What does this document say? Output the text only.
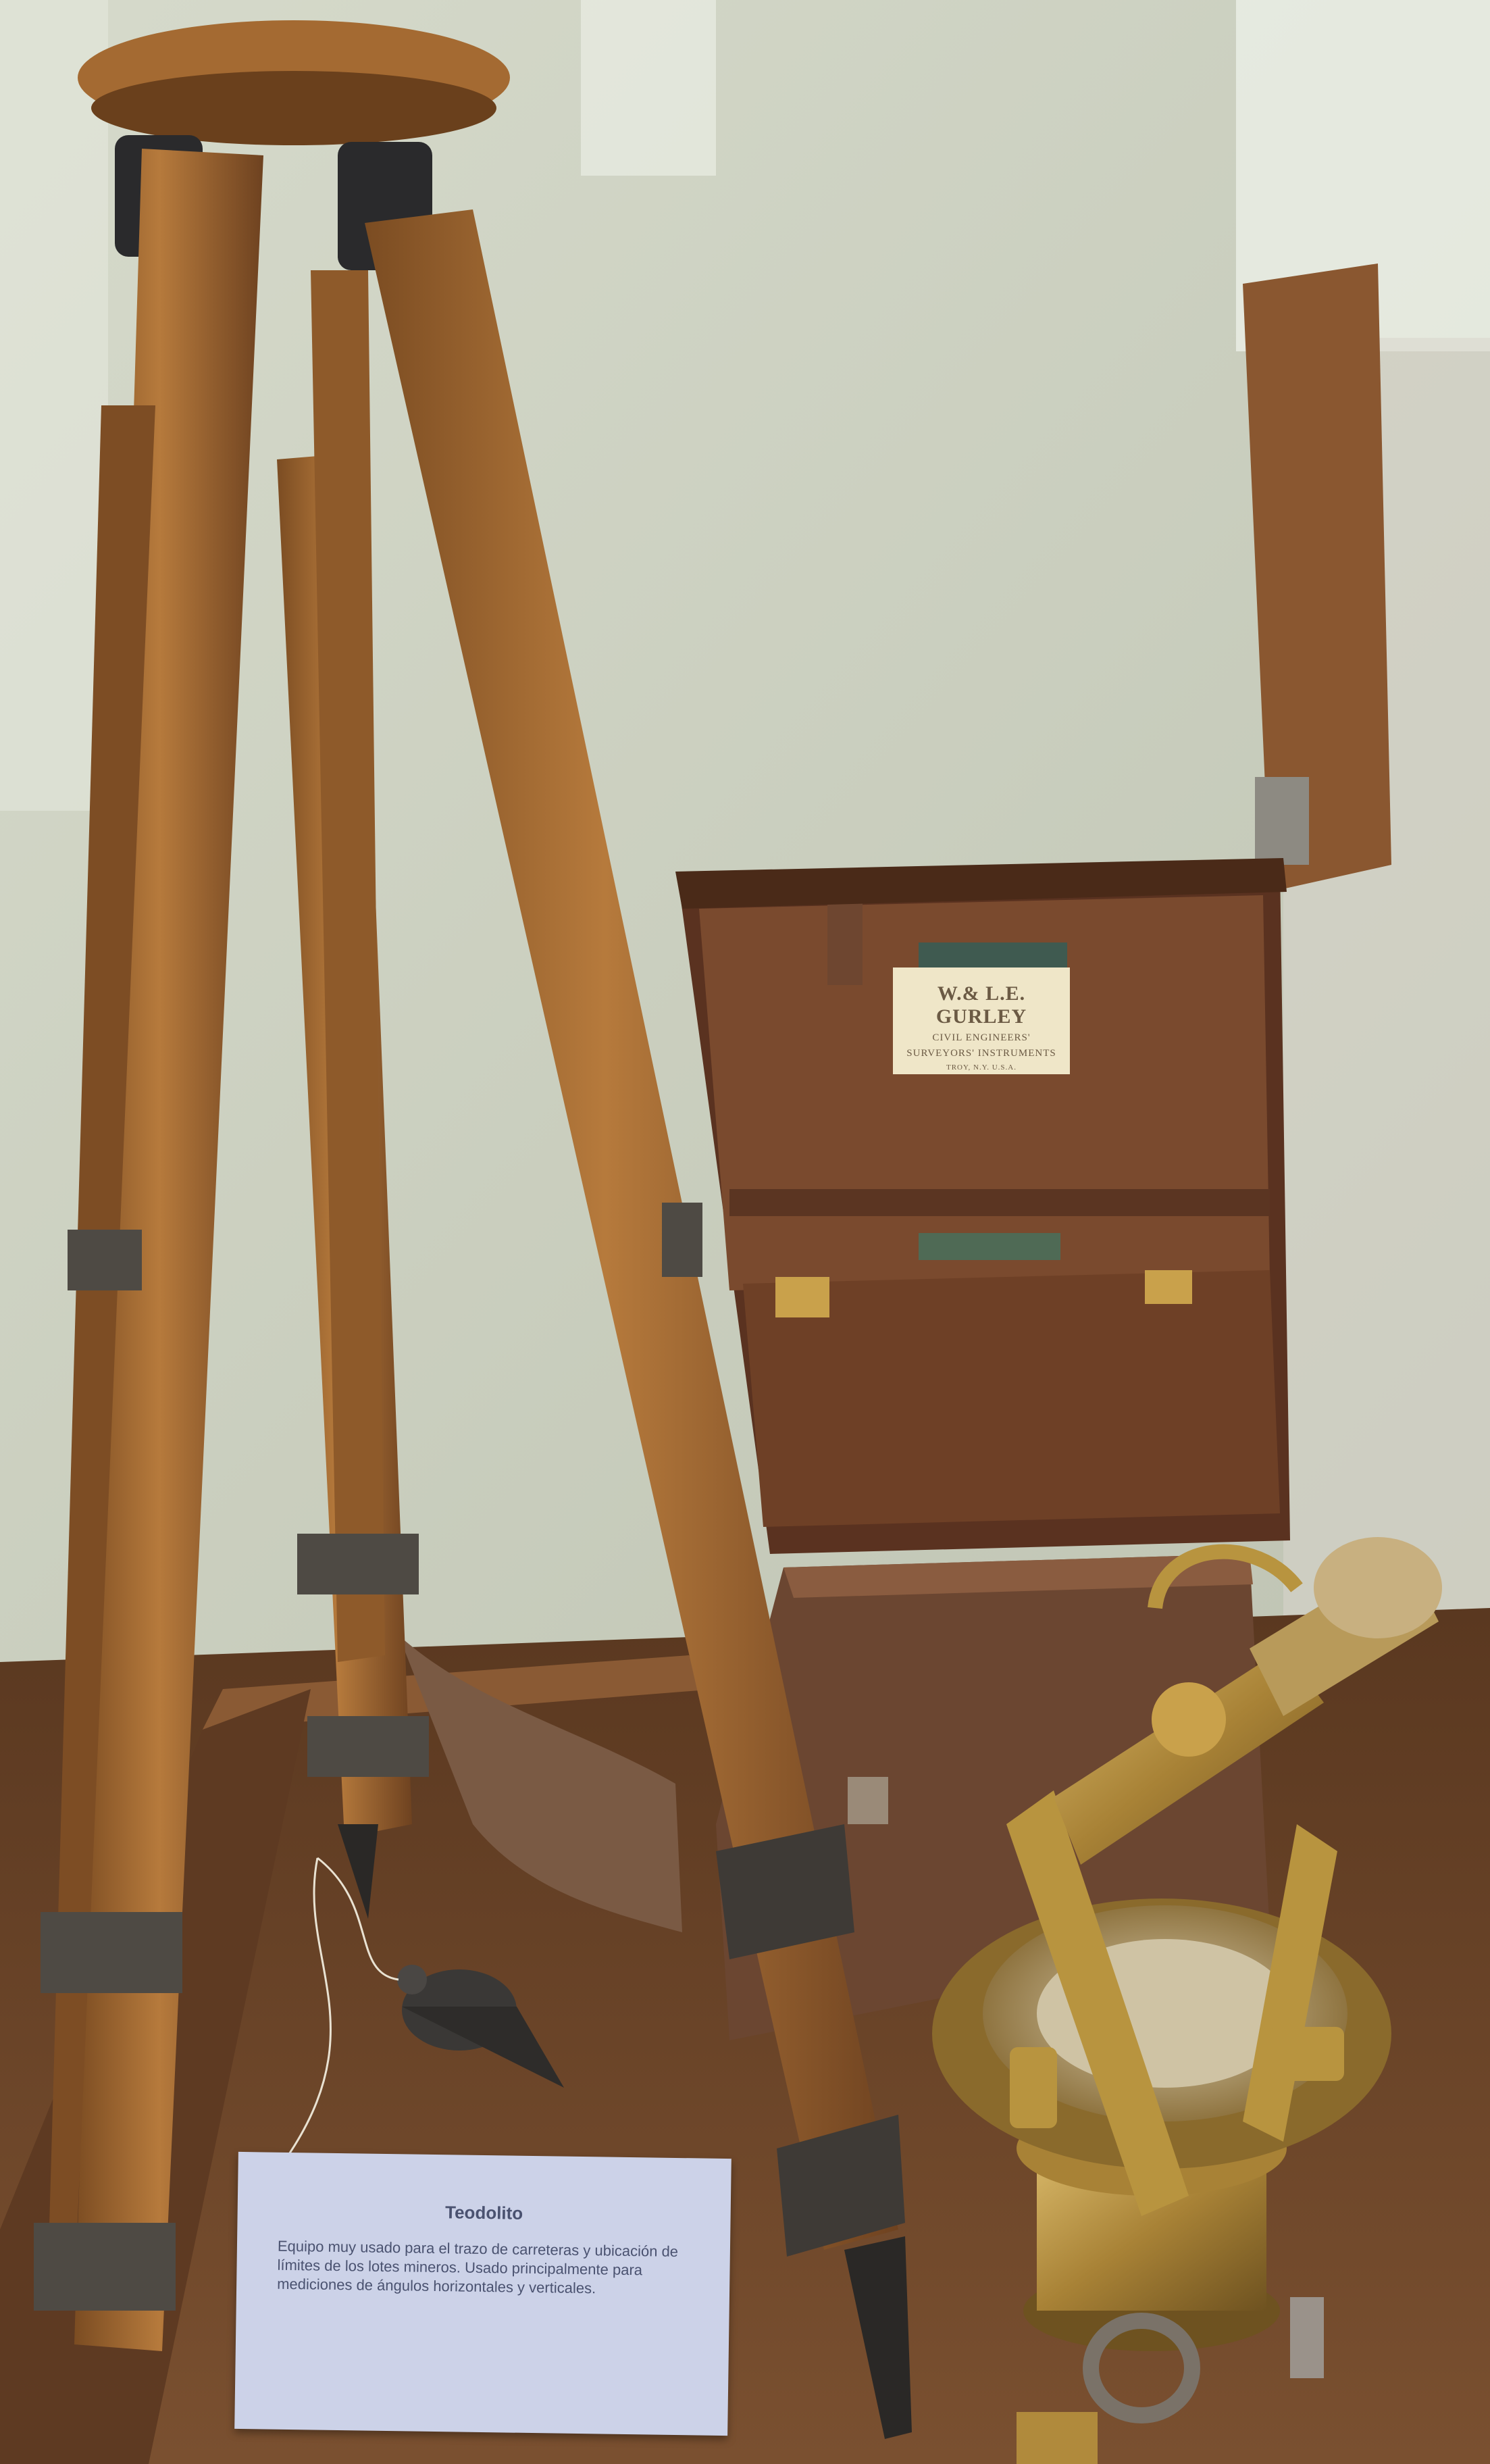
W.& L.E. GURLEY
CIVIL ENGINEERS'
SURVEYORS' INSTRUMENTS
TROY, N.Y. U.S.A.
Teodolito
Equipo muy usado para el trazo de carreteras y ubicación de límites de los lotes mineros. Usado principalmente para mediciones de ángulos horizontales y verticales.
